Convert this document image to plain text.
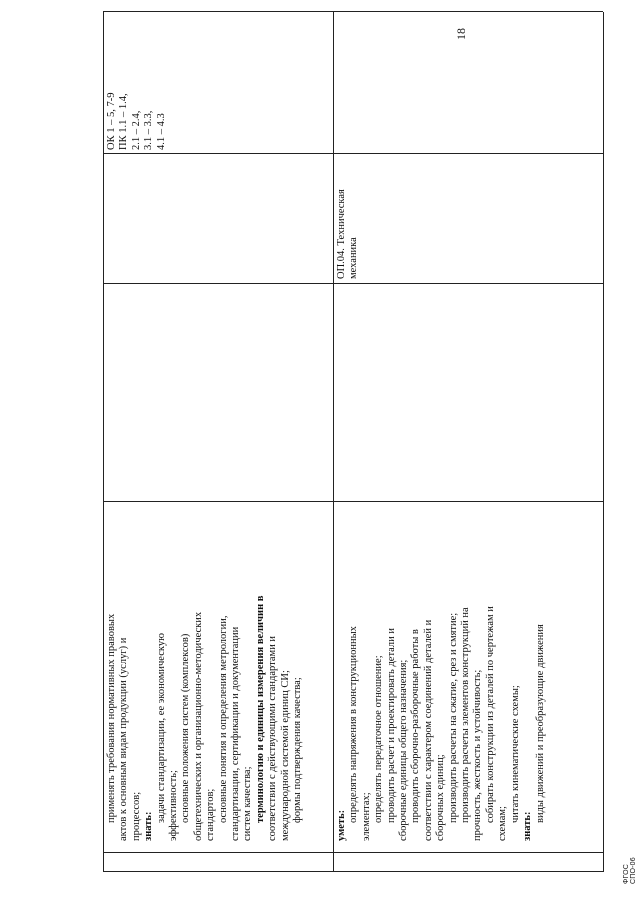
18
применять требования нормативных правовых актов к основным видам продукции (услуг) и процессов; знать:
задачи стандартизации, ее экономическую эффективность; основные положения систем (комплексов) общетехнических и организационно-методических стандартов; основные понятия и определения метрологии, стандартизации, сертификации и документации систем качества; терминологию и единицы измерения величин в соответствии с действующими стандартами и международной системой единиц СИ; формы подтверждения качества;
ОК 1 – 5, 7-9 ПК 1.1 – 1.4, 2.1 – 2.4, 3.1 – 3.3, 4.1 – 4.3
уметь:
определять напряжения в конструкционных элементах; определять передаточное отношение; проводить расчет и проектировать детали и сборочные единицы общего назначения; проводить сборочно-разборочные работы в соответствии с характером соединений деталей и сборочных единиц; производить расчеты на сжатие, срез и смятие; производить расчеты элементов конструкций на прочность, жесткость и устойчивость; собирать конструкции из деталей по чертежам и
схемам;
читать кинематические схемы;
знать:
виды движений и преобразующие движения
ОП.04. Техническая механика
ФГОС СПО-06
